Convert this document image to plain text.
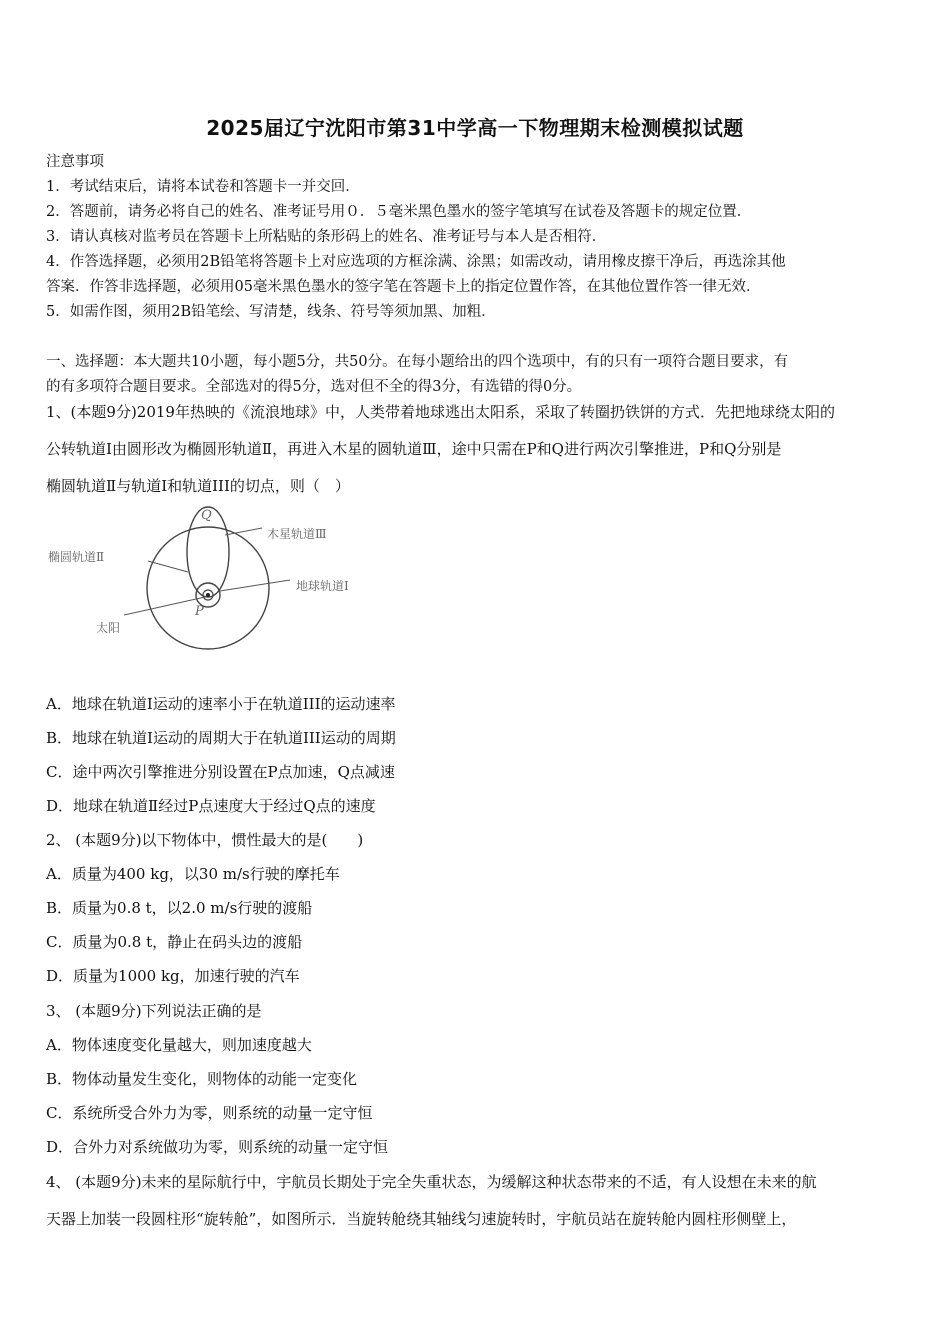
2025届辽宁沈阳市第31中学高一下物理期末检测模拟试题
注意事项
1．考试结束后，请将本试卷和答题卡一并交回．
2．答题前，请务必将自己的姓名、准考证号用０．５毫米黑色墨水的签字笔填写在试卷及答题卡的规定位置．
3．请认真核对监考员在答题卡上所粘贴的条形码上的姓名、准考证号与本人是否相符．
4．作答选择题，必须用2B铅笔将答题卡上对应选项的方框涂满、涂黑；如需改动，请用橡皮擦干净后，再选涂其他
答案．作答非选择题，必须用05毫米黑色墨水的签字笔在答题卡上的指定位置作答，在其他位置作答一律无效．
5．如需作图，须用2B铅笔绘、写清楚，线条、符号等须加黑、加粗．
一、选择题：本大题共10小题，每小题5分，共50分。在每小题给出的四个选项中，有的只有一项符合题目要求，有
的有多项符合题目要求。全部选对的得5分，选对但不全的得3分，有选错的得0分。
1、(本题9分)2019年热映的《流浪地球》中，人类带着地球逃出太阳系，采取了转圈扔铁饼的方式．先把地球绕太阳的
公转轨道Ⅰ由圆形改为椭圆形轨道Ⅱ，再进入木星的圆轨道Ⅲ，途中只需在P和Q进行两次引擎推进，P和Q分别是
椭圆轨道Ⅱ与轨道Ⅰ和轨道III的切点，则（　）
Q
P
椭圆轨道Ⅱ
木星轨道Ⅲ
地球轨道Ⅰ
太阳
A．地球在轨道Ⅰ运动的速率小于在轨道III的运动速率
B．地球在轨道Ⅰ运动的周期大于在轨道III运动的周期
C．途中两次引擎推进分别设置在P点加速，Q点减速
D．地球在轨道Ⅱ经过P点速度大于经过Q点的速度
2、 (本题9分)以下物体中，惯性最大的是(　　)
A．质量为400 kg，以30 m/s行驶的摩托车
B．质量为0.8 t，以2.0 m/s行驶的渡船
C．质量为0.8 t，静止在码头边的渡船
D．质量为1000 kg，加速行驶的汽车
3、 (本题9分)下列说法正确的是
A．物体速度变化量越大，则加速度越大
B．物体动量发生变化，则物体的动能一定变化
C．系统所受合外力为零，则系统的动量一定守恒
D．合外力对系统做功为零，则系统的动量一定守恒
4、 (本题9分)未来的星际航行中，宇航员长期处于完全失重状态，为缓解这种状态带来的不适，有人设想在未来的航
天器上加装一段圆柱形“旋转舱”，如图所示．当旋转舱绕其轴线匀速旋转时，宇航员站在旋转舱内圆柱形侧壁上，
